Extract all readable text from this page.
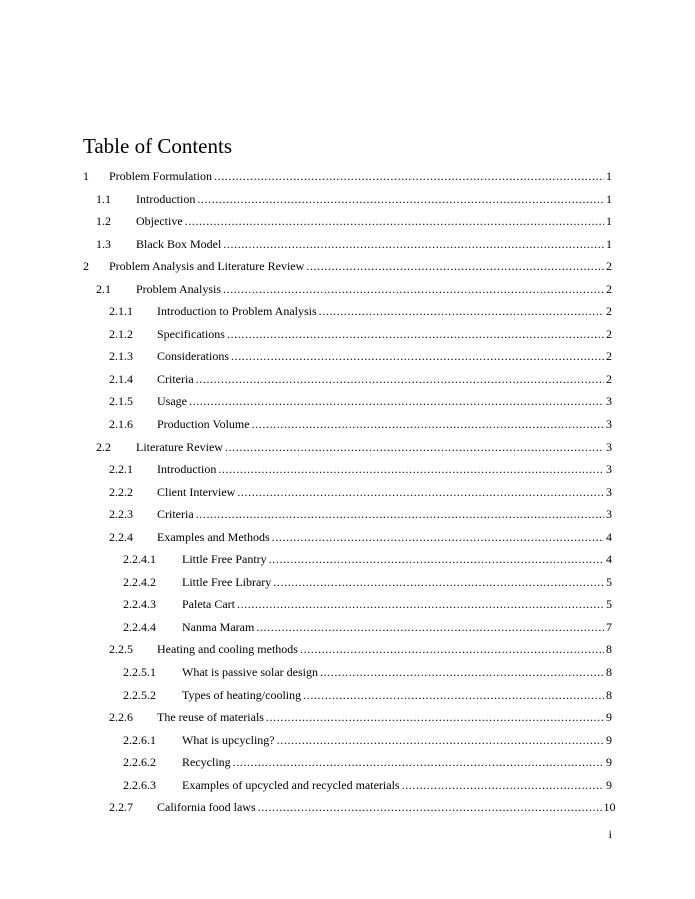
Table of Contents
1 Problem Formulation . . .	1
1.1 Introduction . . .	1
1.2 Objective . . .	1
1.3 Black Box Model . . .	1
2 Problem Analysis and Literature Review . . .	2
2.1 Problem Analysis . . .	2
2.1.1 Introduction to Problem Analysis . . .	2
2.1.2 Specifications . . .	2
2.1.3 Considerations . . .	2
2.1.4 Criteria . . .	2
2.1.5 Usage . . .	3
2.1.6 Production Volume . . .	3
2.2 Literature Review . . .	3
2.2.1 Introduction . . .	3
2.2.2 Client Interview . . .	3
2.2.3 Criteria . . .	3
2.2.4 Examples and Methods . . .	4
2.2.4.1 Little Free Pantry . . .	4
2.2.4.2 Little Free Library . . .	5
2.2.4.3 Paleta Cart . . .	5
2.2.4.4 Nanma Maram . . .	7
2.2.5 Heating and cooling methods . . .	8
2.2.5.1 What is passive solar design . . .	8
2.2.5.2 Types of heating/cooling . . .	8
2.2.6 The reuse of materials . . .	9
2.2.6.1 What is upcycling? . . .	9
2.2.6.2 Recycling . . .	9
2.2.6.3 Examples of upcycled and recycled materials . . .	9
2.2.7 California food laws . . .	10
i
